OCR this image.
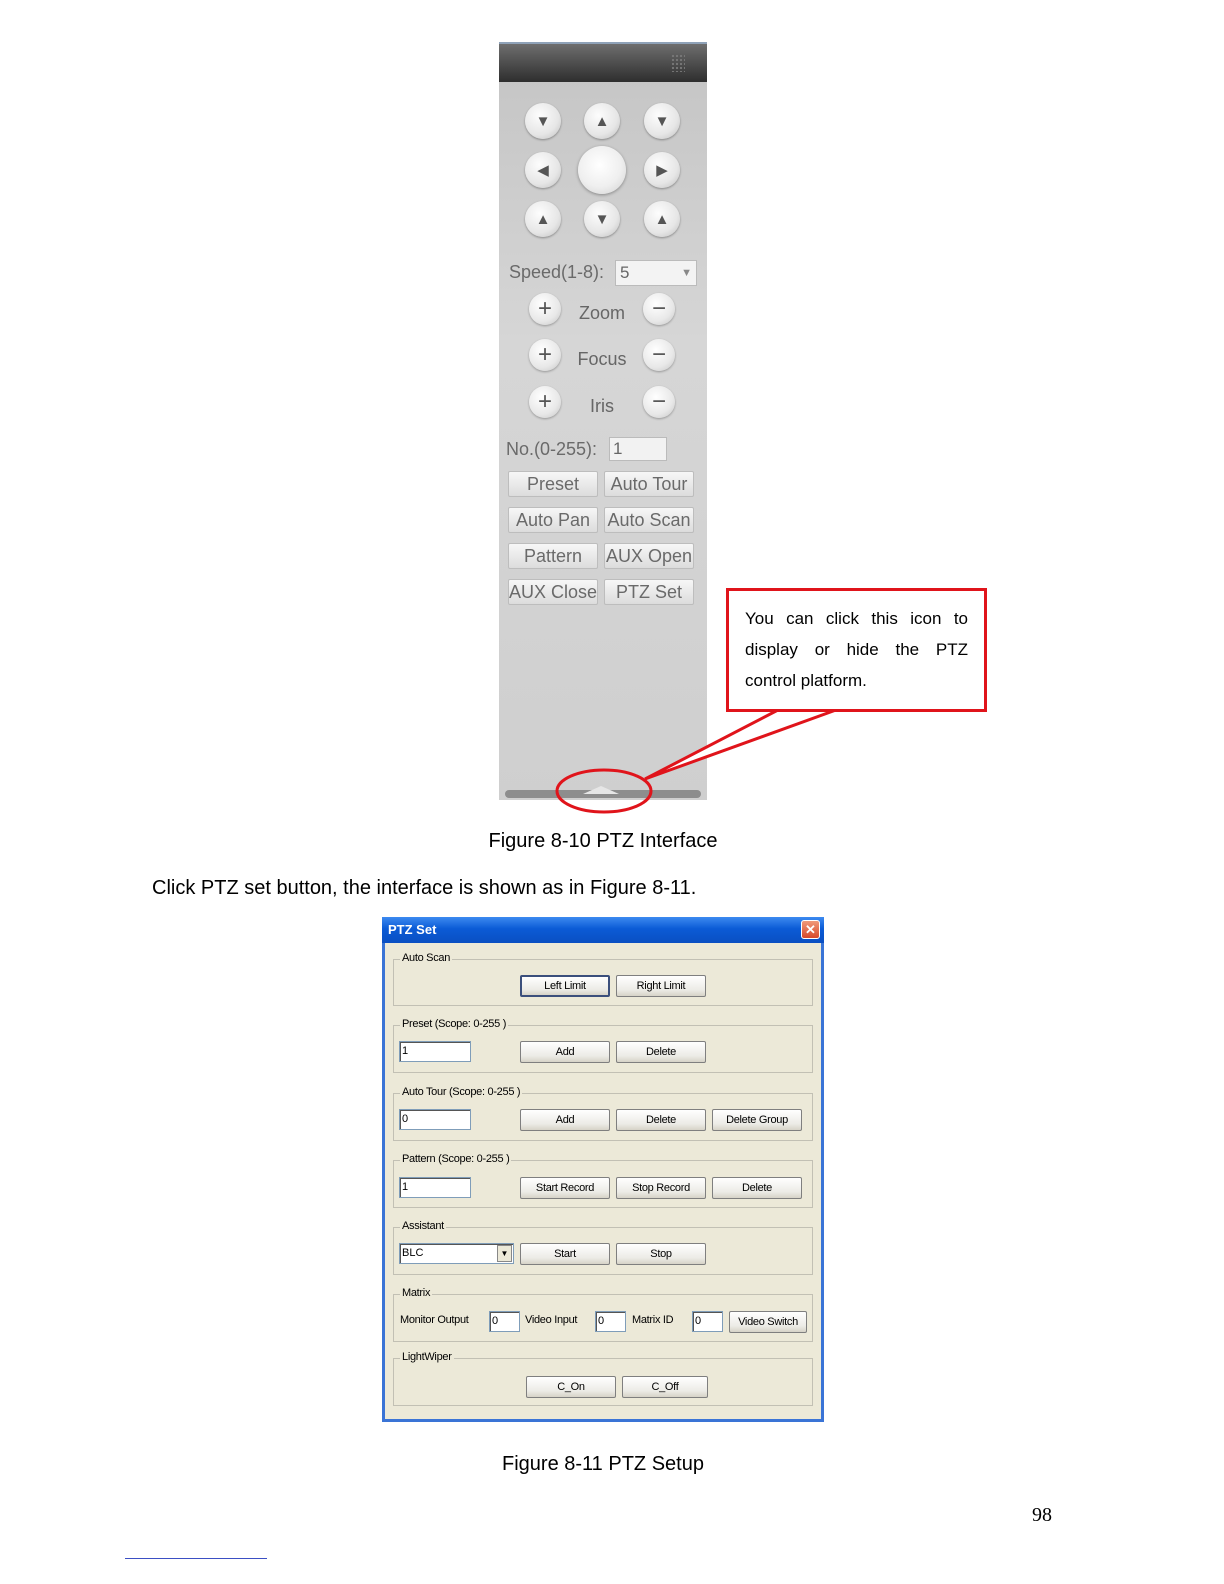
▼	▲	▼
◀	▶
▲	▼	▲
Speed(1-8): 5	▼
+	Zoom	−
+	Focus	−
+	Iris	−
No.(0-255): 1
Preset	Auto Tour
Auto Pan Auto Scan
Pattern	AUX Open
AUX Close	PTZ Set
You can click this icon to display or hide the PTZ control platform.
Figure 8-10 PTZ Interface
Click PTZ set button, the interface is shown as in Figure 8-11.
PTZ Set	✕
Auto Scan
Left Limit	Right Limit
Preset (Scope: 0-255 )
1	Add	Delete
Auto Tour (Scope: 0-255 )
0	Add	Delete	Delete Group
Pattern (Scope: 0-255 )
1	Start Record	Stop Record	Delete
Assistant
BLC	▼	Start	Stop
Matrix
Monitor Output 0	Video Input 0	Matrix ID 0	Video Switch
LightWiper
C_On	C_Off
Figure 8-11 PTZ Setup
98
